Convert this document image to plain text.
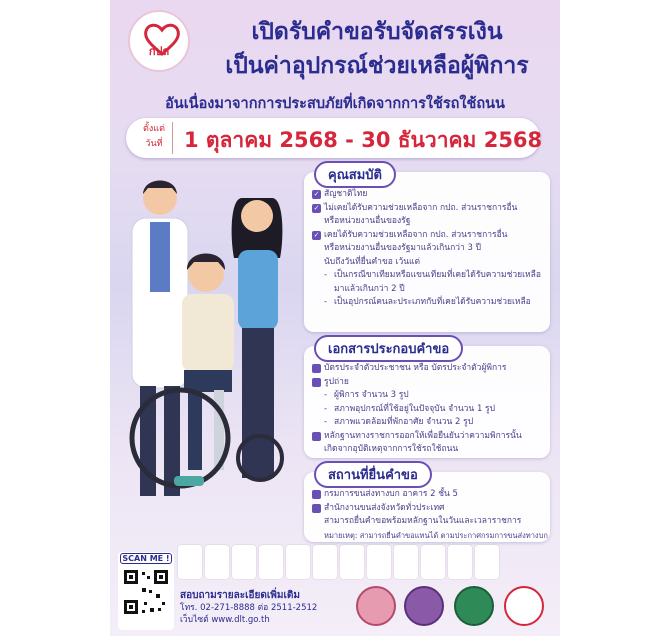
กปถ
เปิดรับคำขอรับจัดสรรเงิน
เป็นค่าอุปกรณ์ช่วยเหลือผู้พิการ
อันเนื่องมาจากการประสบภัยที่เกิดจากการใช้รถใช้ถนน
ตั้งแต่
วันที่	1 ตุลาคม 2568 - 30 ธันวาคม 2568
คุณสมบัติ
✓ สัญชาติไทย
✓ ไม่เคยได้รับความช่วยเหลือจาก กปถ. ส่วนราชการอื่น
หรือหน่วยงานอื่นของรัฐ
✓ เคยได้รับความช่วยเหลือจาก กปถ. ส่วนราชการอื่น
หรือหน่วยงานอื่นของรัฐมาแล้วเกินกว่า 3 ปี
นับถึงวันที่ยื่นคำขอ เว้นแต่
- เป็นกรณีขาเทียมหรือแขนเทียมที่เคยได้รับความช่วยเหลือ
มาแล้วเกินกว่า 2 ปี
- เป็นอุปกรณ์คนละประเภทกับที่เคยได้รับความช่วยเหลือ
เอกสารประกอบคำขอ
บัตรประจำตัวประชาชน หรือ บัตรประจำตัวผู้พิการ
รูปถ่าย
- ผู้พิการ จำนวน 3 รูป
- สภาพอุปกรณ์ที่ใช้อยู่ในปัจจุบัน จำนวน 1 รูป
- สภาพแวดล้อมที่พักอาศัย จำนวน 2 รูป
หลักฐานทางราชการออกให้เพื่อยืนยันว่าความพิการนั้น
เกิดจากอุบัติเหตุจากการใช้รถใช้ถนน
สถานที่ยื่นคำขอ
กรมการขนส่งทางบก อาคาร 2 ชั้น 5
สำนักงานขนส่งจังหวัดทั่วประเทศ
สามารถยื่นคำขอพร้อมหลักฐานในวันและเวลาราชการ
หมายเหตุ: สามารถยื่นคำขอแทนได้ ตามประกาศกรมการขนส่งทางบก
SCAN ME !
สอบถามรายละเอียดเพิ่มเติม
โทร. 02-271-8888 ต่อ 2511-2512
เว็บไซต์ www.dlt.go.th
